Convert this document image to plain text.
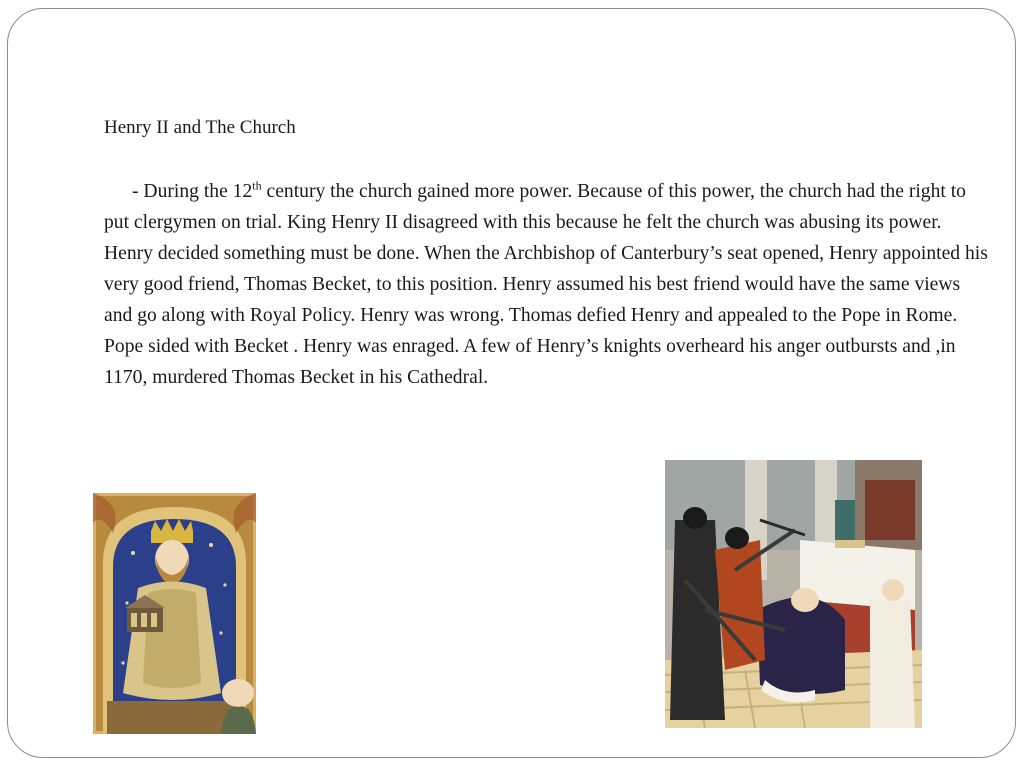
Henry II and The Church

- During the 12th century the church gained more power. Because of this power, the church had the right to put clergymen on trial. King Henry II disagreed with this because he felt the church was abusing its power. Henry decided something must be done. When the Archbishop of Canterbury’s seat opened, Henry appointed his very good friend, Thomas Becket, to this position. Henry assumed his best friend would have the same views and go along with Royal Policy. Henry was wrong. Thomas defied Henry and appealed to the Pope in Rome. Pope sided with Becket . Henry was enraged. A few of Henry’s knights overheard his anger outbursts and ,in 1170, murdered Thomas Becket in his Cathedral.
